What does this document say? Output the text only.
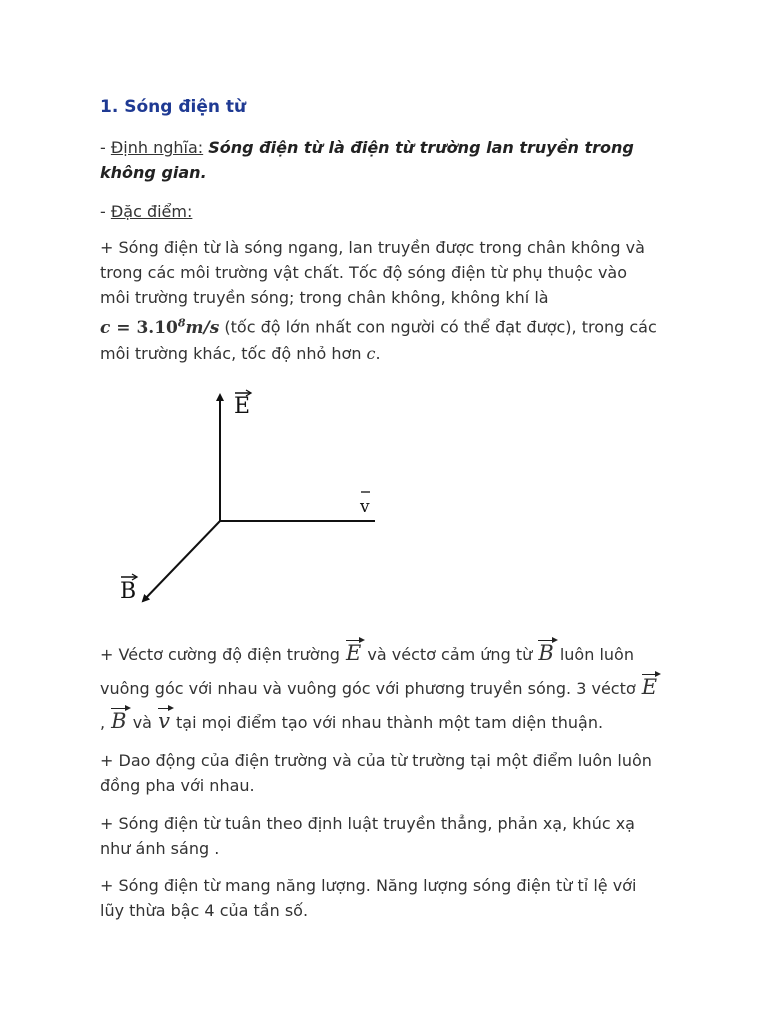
1. Sóng điện từ

- Định nghĩa: Sóng điện từ là điện từ trường lan truyền trong không gian.

- Đặc điểm:

+ Sóng điện từ là sóng ngang, lan truyền được trong chân không và trong các môi trường vật chất. Tốc độ sóng điện từ phụ thuộc vào môi trường truyền sóng; trong chân không, không khí là
$c = 3.10^8m/s$ (tốc độ lớn nhất con người có thể đạt được), trong các môi trường khác, tốc độ nhỏ hơn c.

E
v
B

+ Véctơ cường độ điện trường E và véctơ cảm ứng từ B luôn luôn vuông góc với nhau và vuông góc với phương truyền sóng. 3 véctơ E , B và v tại mọi điểm tạo với nhau thành một tam diện thuận.

+ Dao động của điện trường và của từ trường tại một điểm luôn luôn đồng pha với nhau.

+ Sóng điện từ tuân theo định luật truyền thẳng, phản xạ, khúc xạ như ánh sáng .

+ Sóng điện từ mang năng lượng. Năng lượng sóng điện từ tỉ lệ với lũy thừa bậc 4 của tần số.
